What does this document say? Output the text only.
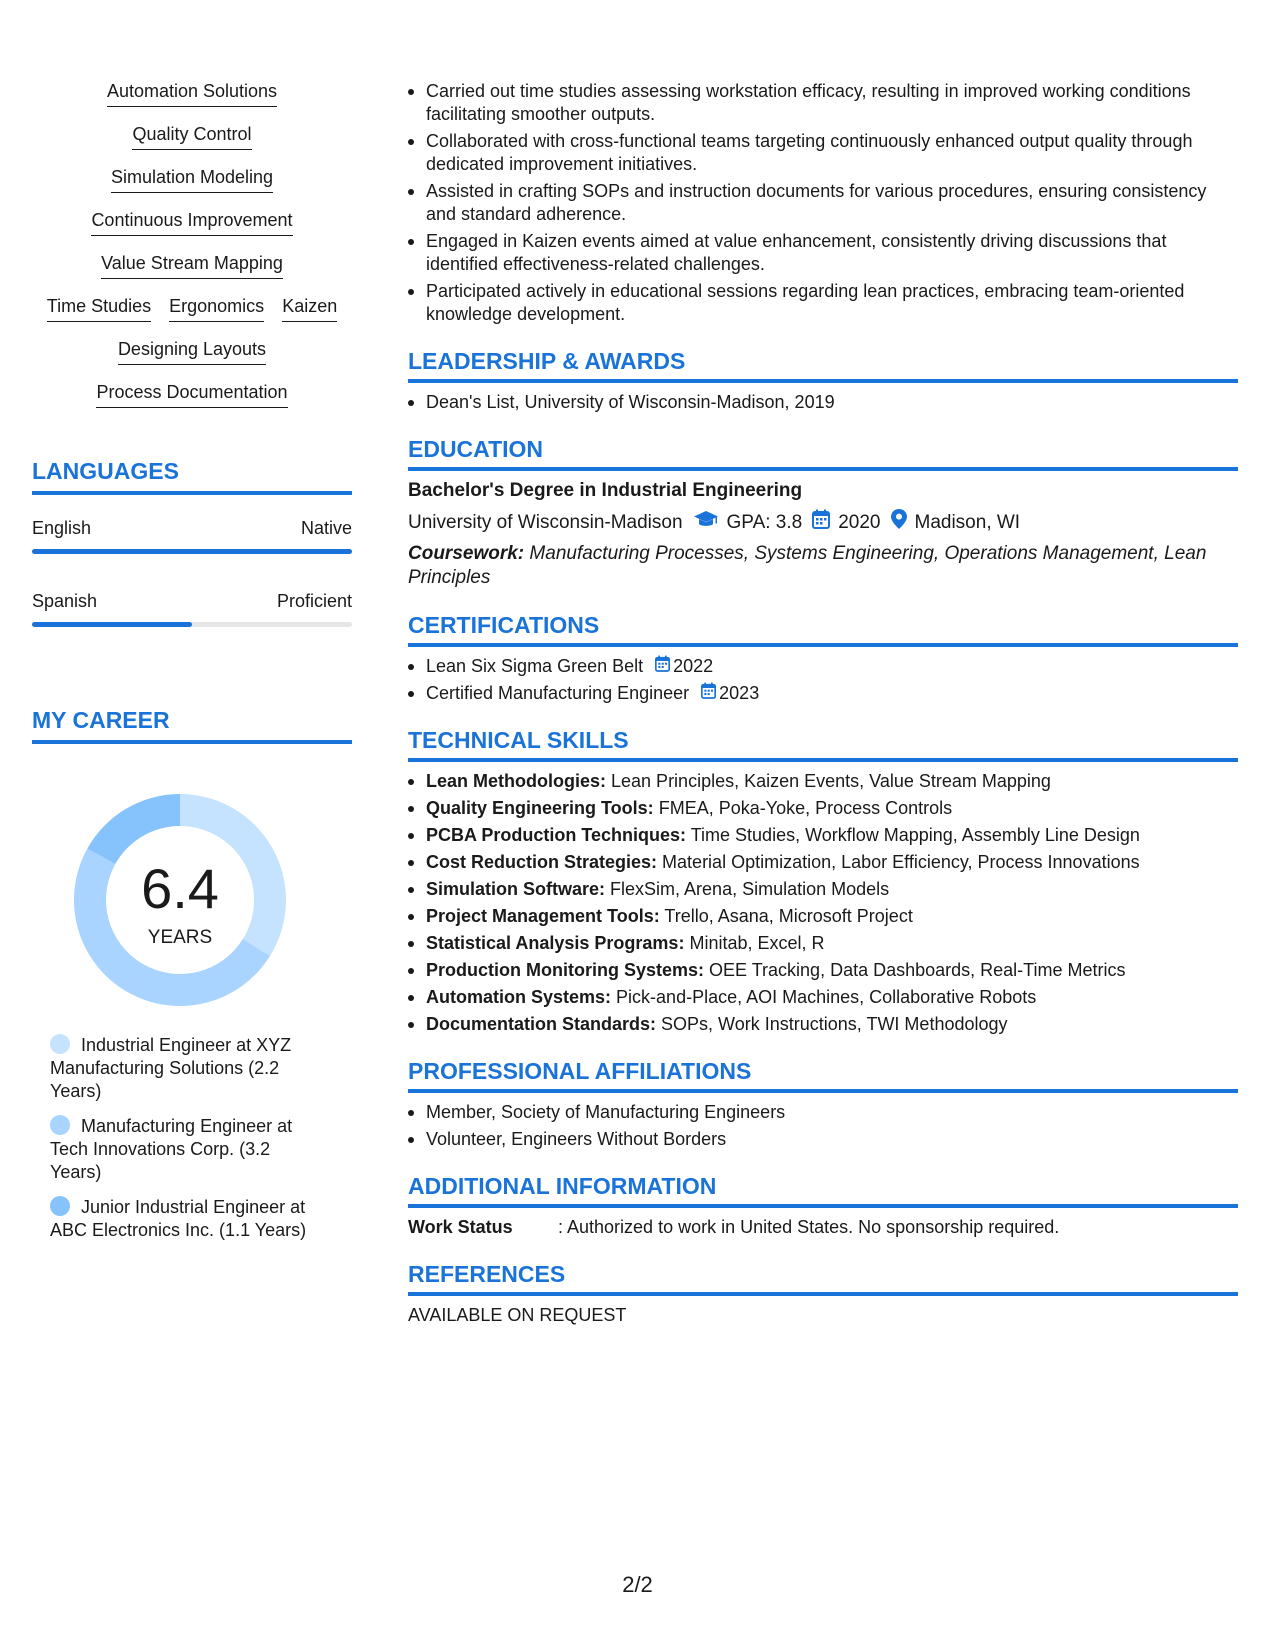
Automation Solutions
Quality Control
Simulation Modeling
Continuous Improvement
Value Stream Mapping
Time Studies Ergonomics Kaizen
Designing Layouts
Process Documentation
LANGUAGES
English	Native
Spanish	Proficient
MY CAREER
6.4
YEARS
Industrial Engineer at XYZ Manufacturing Solutions (2.2 Years)
Manufacturing Engineer at Tech Innovations Corp. (3.2 Years)
Junior Industrial Engineer at ABC Electronics Inc. (1.1 Years)
Carried out time studies assessing workstation efficacy, resulting in improved working conditions facilitating smoother outputs.
Collaborated with cross-functional teams targeting continuously enhanced output quality through dedicated improvement initiatives.
Assisted in crafting SOPs and instruction documents for various procedures, ensuring consistency and standard adherence.
Engaged in Kaizen events aimed at value enhancement, consistently driving discussions that identified effectiveness-related challenges.
Participated actively in educational sessions regarding lean practices, embracing team-oriented knowledge development.
LEADERSHIP & AWARDS
Dean's List, University of Wisconsin-Madison, 2019
EDUCATION
Bachelor's Degree in Industrial Engineering
University of Wisconsin-Madison GPA: 3.8 2020 Madison, WI
Coursework: Manufacturing Processes, Systems Engineering, Operations Management, Lean Principles
CERTIFICATIONS
Lean Six Sigma Green Belt 2022
Certified Manufacturing Engineer 2023
TECHNICAL SKILLS
Lean Methodologies: Lean Principles, Kaizen Events, Value Stream Mapping
Quality Engineering Tools: FMEA, Poka-Yoke, Process Controls
PCBA Production Techniques: Time Studies, Workflow Mapping, Assembly Line Design
Cost Reduction Strategies: Material Optimization, Labor Efficiency, Process Innovations
Simulation Software: FlexSim, Arena, Simulation Models
Project Management Tools: Trello, Asana, Microsoft Project
Statistical Analysis Programs: Minitab, Excel, R
Production Monitoring Systems: OEE Tracking, Data Dashboards, Real-Time Metrics
Automation Systems: Pick-and-Place, AOI Machines, Collaborative Robots
Documentation Standards: SOPs, Work Instructions, TWI Methodology
PROFESSIONAL AFFILIATIONS
Member, Society of Manufacturing Engineers
Volunteer, Engineers Without Borders
ADDITIONAL INFORMATION
Work Status	: Authorized to work in United States. No sponsorship required.
REFERENCES
AVAILABLE ON REQUEST
2/2
